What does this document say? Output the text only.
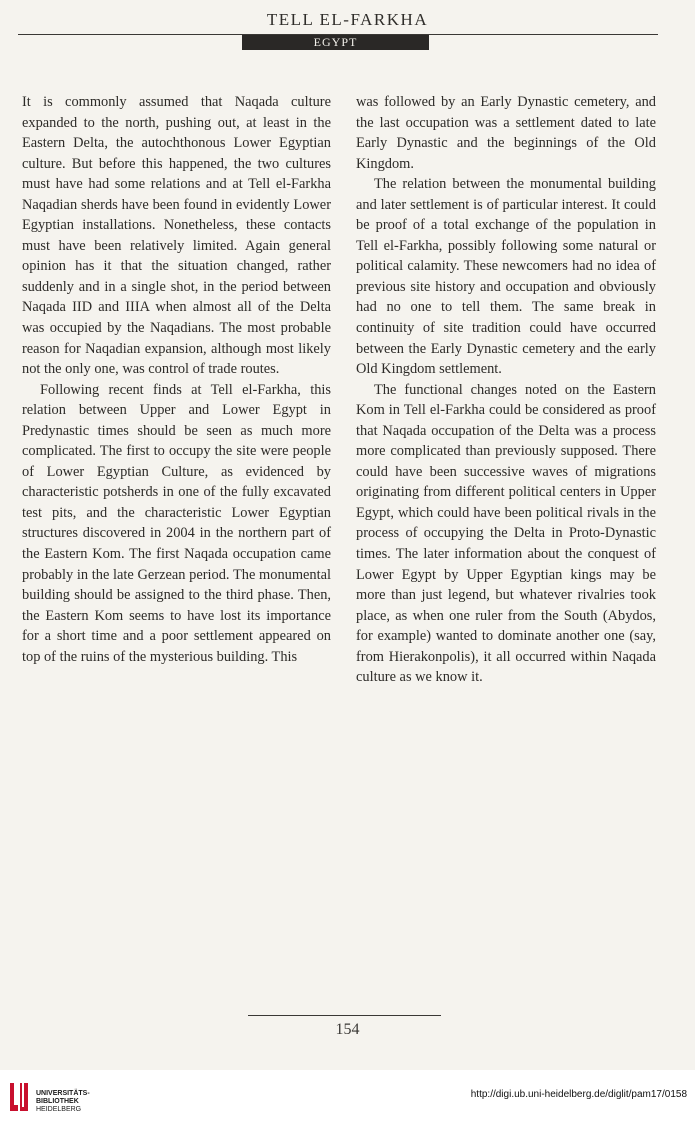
TELL EL-FARKHA
EGYPT

It is commonly assumed that Naqada culture expanded to the north, pushing out, at least in the Eastern Delta, the autochthonous Lower Egyptian culture. But before this happened, the two cultures must have had some relations and at Tell el-Farkha Naqadian sherds have been found in evidently Lower Egyptian installations. Nonetheless, these contacts must have been relatively limited. Again general opinion has it that the situation changed, rather suddenly and in a single shot, in the period between Naqada IID and IIIA when almost all of the Delta was occupied by the Naqadians. The most probable reason for Naqadian expansion, although most likely not the only one, was control of trade routes.

Following recent finds at Tell el-Farkha, this relation between Upper and Lower Egypt in Predynastic times should be seen as much more complicated. The first to occupy the site were people of Lower Egyptian Culture, as evidenced by characteristic potsherds in one of the fully excavated test pits, and the characteristic Lower Egyptian structures discovered in 2004 in the northern part of the Eastern Kom. The first Naqada occupation came probably in the late Gerzean period. The monumental building should be assigned to the third phase. Then, the Eastern Kom seems to have lost its importance for a short time and a poor settlement appeared on top of the ruins of the mysterious building. This

was followed by an Early Dynastic cemetery, and the last occupation was a settlement dated to late Early Dynastic and the beginnings of the Old Kingdom.

The relation between the monumental building and later settlement is of particular interest. It could be proof of a total exchange of the population in Tell el-Farkha, possibly following some natural or political calamity. These newcomers had no idea of previous site history and occupation and obviously had no one to tell them. The same break in continuity of site tradition could have occurred between the Early Dynastic cemetery and the early Old Kingdom settlement.

The functional changes noted on the Eastern Kom in Tell el-Farkha could be considered as proof that Naqada occupation of the Delta was a process more complicated than previously supposed. There could have been successive waves of migrations originating from different political centers in Upper Egypt, which could have been political rivals in the process of occupying the Delta in Proto-Dynastic times. The later information about the conquest of Lower Egypt by Upper Egyptian kings may be more than just legend, but whatever rivalries took place, as when one ruler from the South (Abydos, for example) wanted to dominate another one (say, from Hierakonpolis), it all occurred within Naqada culture as we know it.

154
UNIVERSITÄTS-
BIBLIOTHEK
HEIDELBERG
http://digi.ub.uni-heidelberg.de/diglit/pam17/0158
